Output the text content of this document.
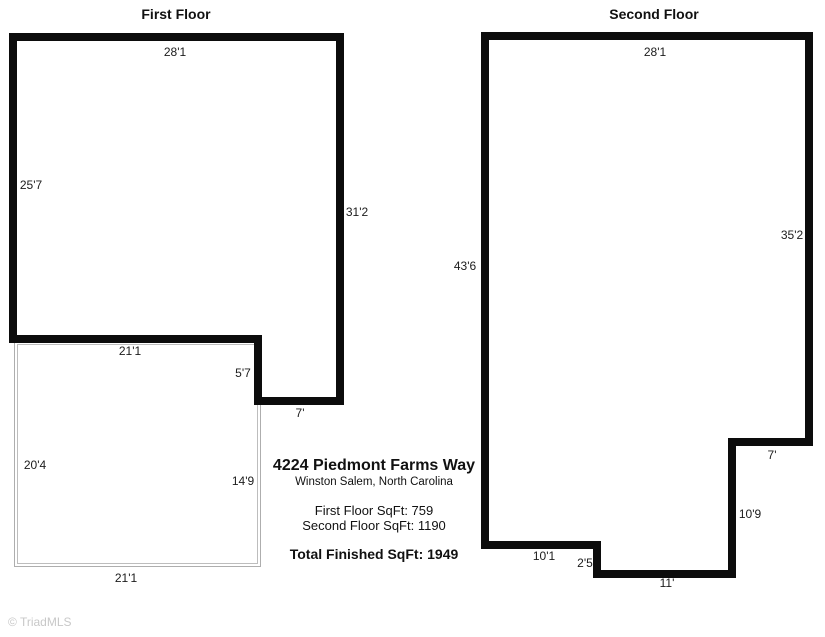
First Floor	Second Floor
28'1
25'7
31'2
21'1
5'7
7'
20'4
14'9
21'1
28'1
43'6
35'2
7'
10'9
10'1 2'5
11'
4224 Piedmont Farms Way
Winston Salem, North Carolina
First Floor SqFt: 759
Second Floor SqFt: 1190
Total Finished SqFt: 1949
© TriadMLS
